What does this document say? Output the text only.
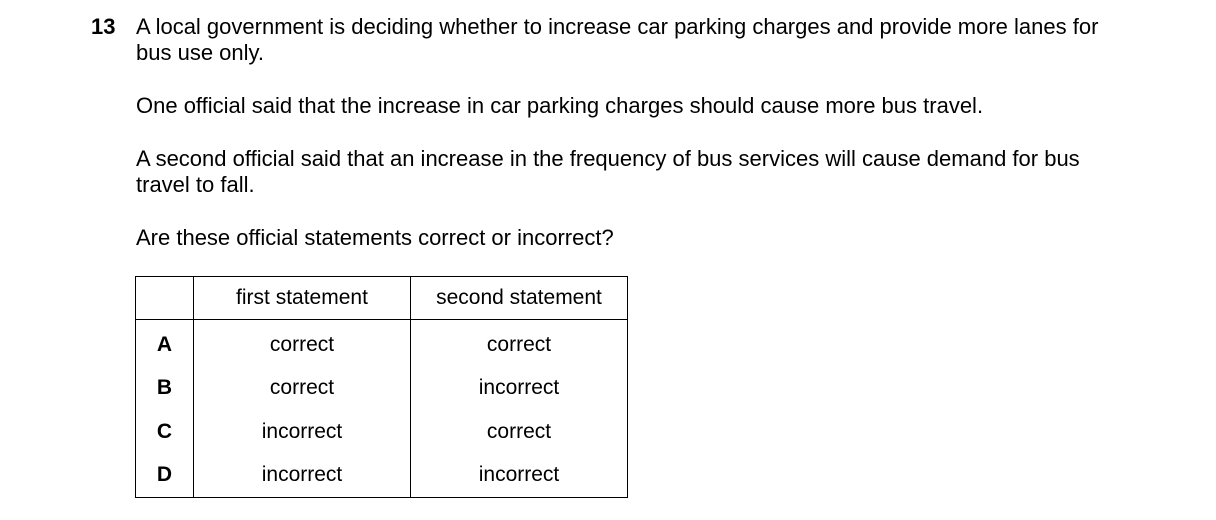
13 A local government is deciding whether to increase car parking charges and provide more lanes for bus use only.
One official said that the increase in car parking charges should cause more bus travel.
A second official said that an increase in the frequency of bus services will cause demand for bus travel to fall.
Are these official statements correct or incorrect?
	first statement	second statement
A	correct	correct
B	correct	incorrect
C	incorrect	correct
D	incorrect	incorrect
